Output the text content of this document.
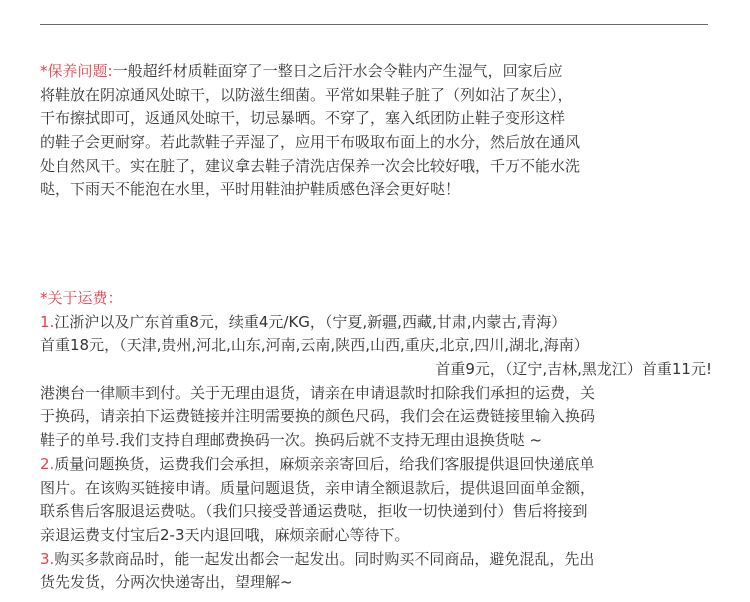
*保养问题:一般超纤材质鞋面穿了一整日之后汗水会令鞋内产生湿气，回家后应
将鞋放在阴凉通风处晾干，以防滋生细菌。平常如果鞋子脏了（列如沾了灰尘），
干布擦拭即可，返通风处晾干，切忌暴晒。不穿了，塞入纸团防止鞋子变形这样
的鞋子会更耐穿。若此款鞋子弄湿了，应用干布吸取布面上的水分，然后放在通风
处自然风干。实在脏了，建议拿去鞋子清洗店保养一次会比较好哦，千万不能水洗
哒，下雨天不能泡在水里，平时用鞋油护鞋质感色泽会更好哒！
*关于运费：
1.江浙沪以及广东首重8元，续重4元/KG，（宁夏,新疆,西藏,甘肃,内蒙古,青海）
首重18元，（天津,贵州,河北,山东,河南,云南,陕西,山西,重庆,北京,四川,湖北,海南）
首重9元，（辽宁,吉林,黑龙江）首重11元!
港澳台一律顺丰到付。关于无理由退货，请亲在申请退款时扣除我们承担的运费，关
于换码，请亲拍下运费链接并注明需要换的颜色尺码，我们会在运费链接里输入换码
鞋子的单号.我们支持自理邮费换码一次。换码后就不支持无理由退换货哒 ~
2.质量问题换货，运费我们会承担，麻烦亲亲寄回后，给我们客服提供退回快递底单
图片。在该购买链接申请。质量问题退货，亲申请全额退款后，提供退回面单金额，
联系售后客服退运费哒。（我们只接受普通运费哒，拒收一切快递到付）售后将接到
亲退运费支付宝后2-3天内退回哦，麻烦亲耐心等待下。
3.购买多款商品时，能一起发出都会一起发出。同时购买不同商品，避免混乱，先出
货先发货，分两次快递寄出，望理解~
